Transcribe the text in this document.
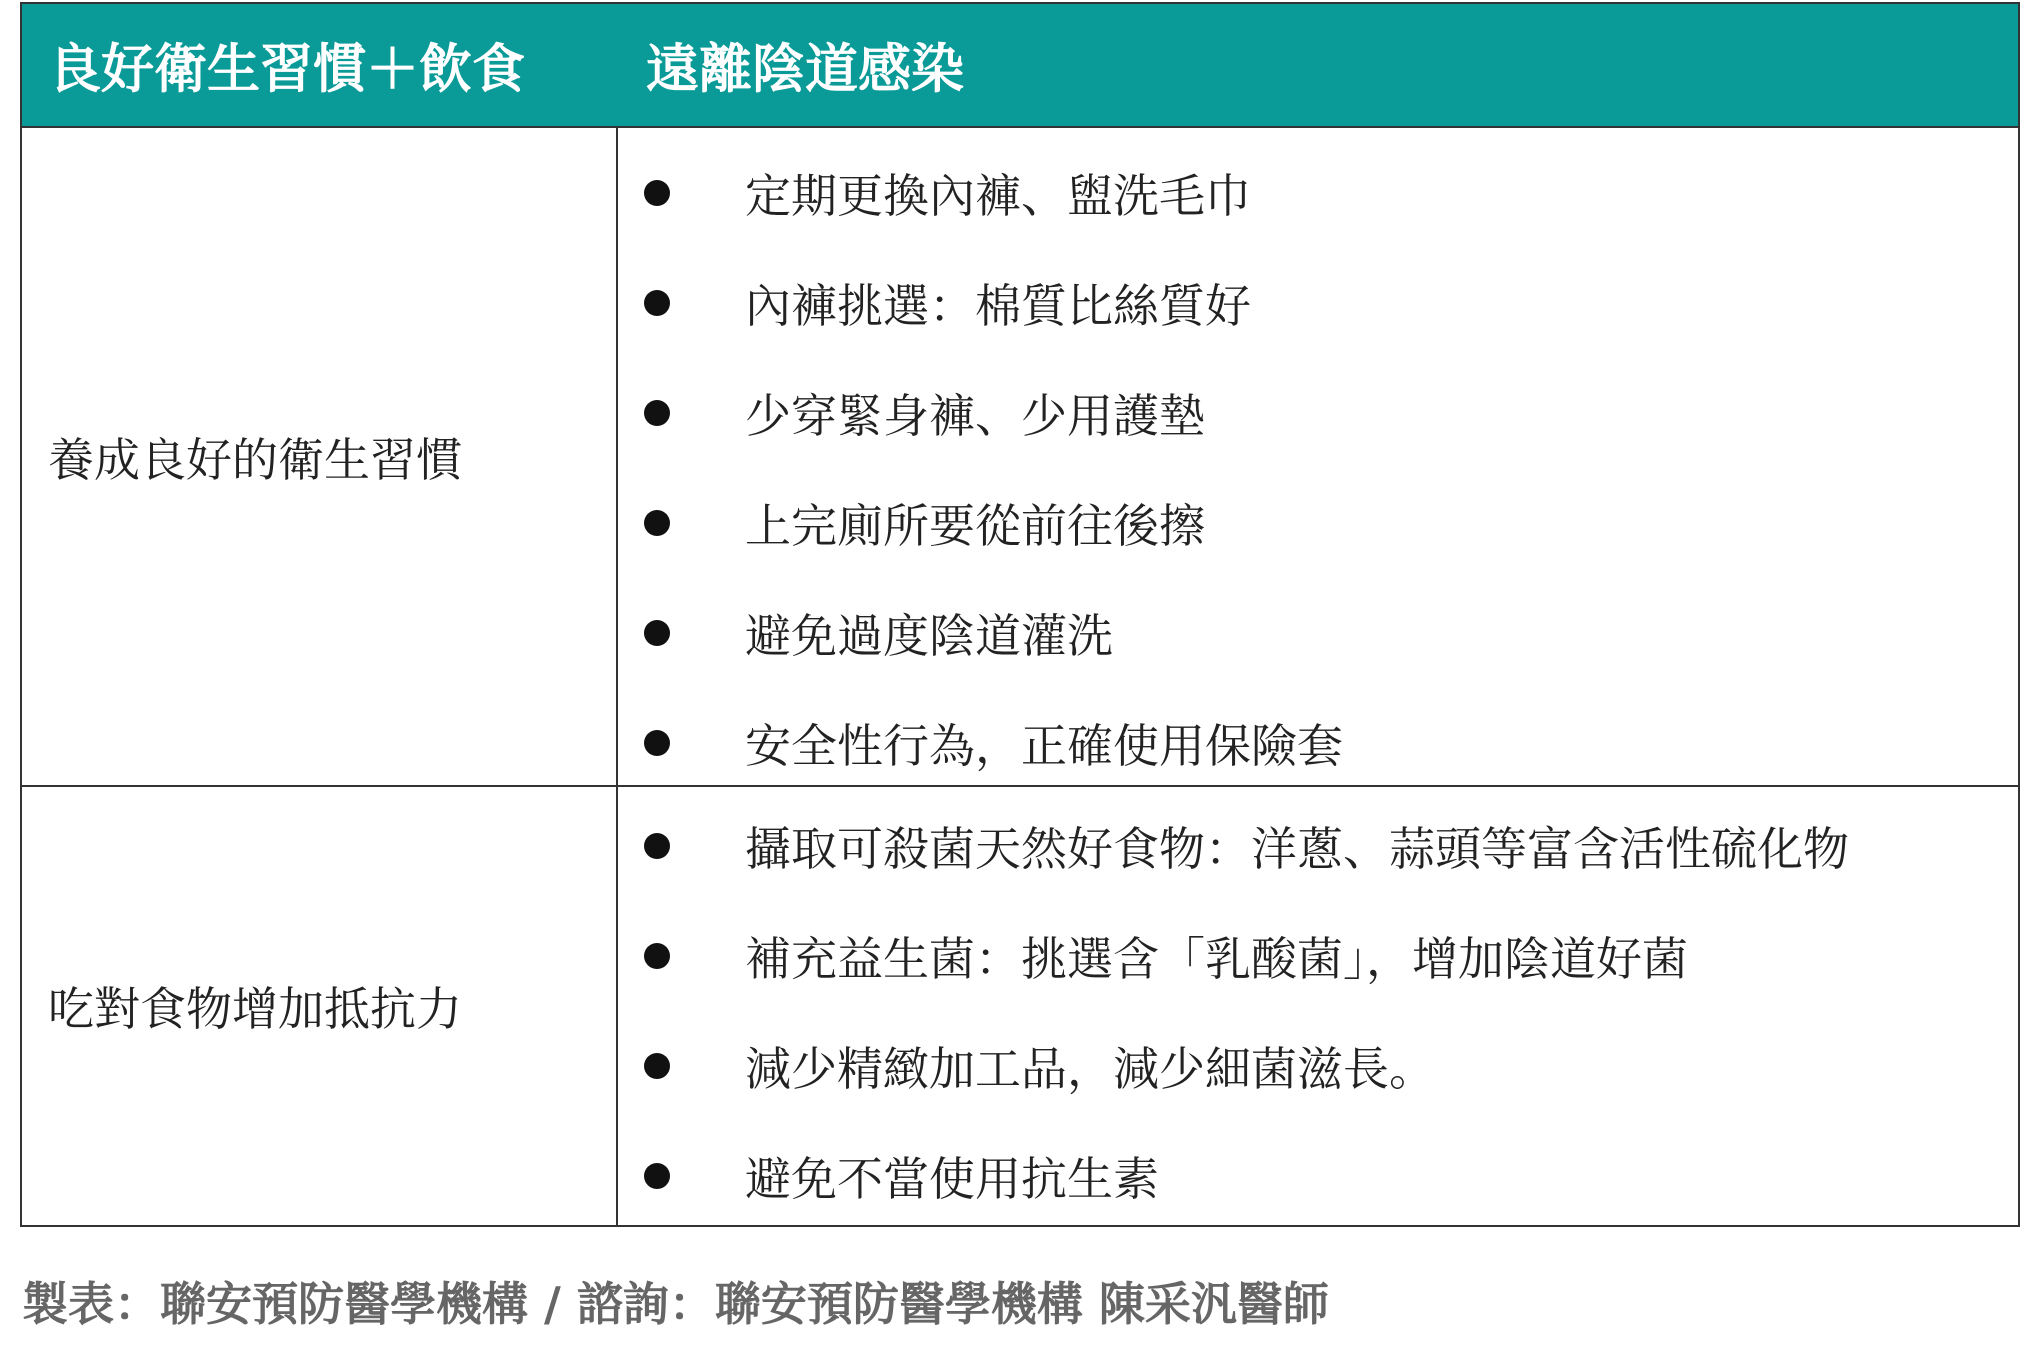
良好衛生習慣＋飲食	遠離陰道感染
養成良好的衛生習慣
定期更換內褲、盥洗毛巾
內褲挑選：棉質比絲質好
少穿緊身褲、少用護墊
上完廁所要從前往後擦
避免過度陰道灌洗
安全性行為，正確使用保險套
吃對食物增加抵抗力
攝取可殺菌天然好食物：洋蔥、蒜頭等富含活性硫化物
補充益生菌：挑選含「乳酸菌」，增加陰道好菌
減少精緻加工品，減少細菌滋長。
避免不當使用抗生素
製表：聯安預防醫學機構 / 諮詢：聯安預防醫學機構 陳采汎醫師
